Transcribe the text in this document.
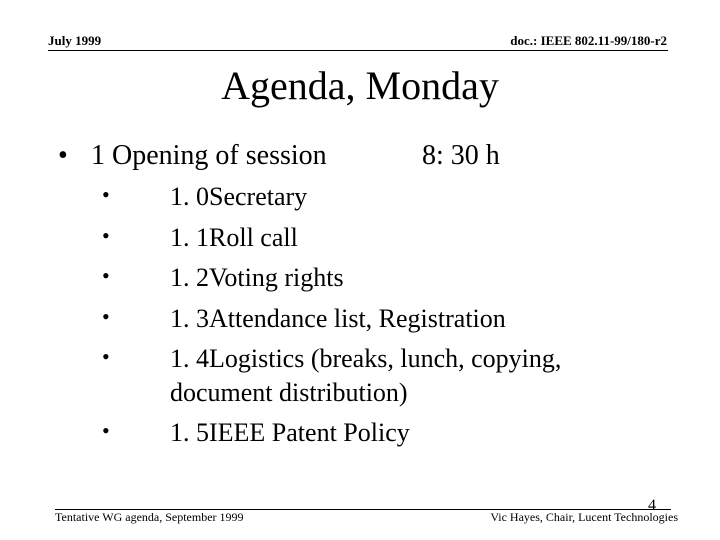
July 1999	doc.: IEEE 802.11-99/180-r2
Agenda, Monday
• 1 Opening of session	8: 30 h
• 1. 0Secretary
• 1. 1Roll call
• 1. 2Voting rights
• 1. 3Attendance list, Registration
• 1. 4Logistics (breaks, lunch, copying,
document distribution)
• 1. 5IEEE Patent Policy
Tentative WG agenda, September 1999	Vic Hayes, Chair, Lucent Technologies
4
